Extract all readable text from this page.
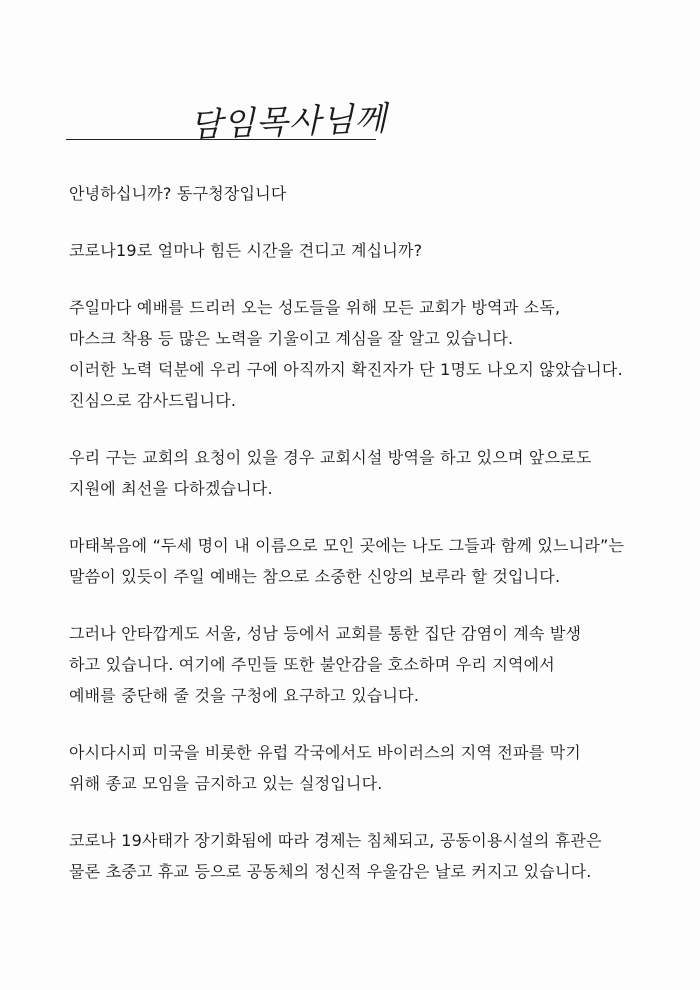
담임목사님께

안녕하십니까? 동구청장입니다

코로나19로 얼마나 힘든 시간을 견디고 계십니까?

주일마다 예배를 드리러 오는 성도들을 위해 모든 교회가 방역과 소독,
마스크 착용 등 많은 노력을 기울이고 계심을 잘 알고 있습니다.
이러한 노력 덕분에 우리 구에 아직까지 확진자가 단 1명도 나오지 않았습니다.
진심으로 감사드립니다.

우리 구는 교회의 요청이 있을 경우 교회시설 방역을 하고 있으며 앞으로도
지원에 최선을 다하겠습니다.

마태복음에 “두세 명이 내 이름으로 모인 곳에는 나도 그들과 함께 있느니라”는
말씀이 있듯이 주일 예배는 참으로 소중한 신앙의 보루라 할 것입니다.

그러나 안타깝게도 서울, 성남 등에서 교회를 통한 집단 감염이 계속 발생
하고 있습니다. 여기에 주민들 또한 불안감을 호소하며 우리 지역에서
예배를 중단해 줄 것을 구청에 요구하고 있습니다.

아시다시피 미국을 비롯한 유럽 각국에서도 바이러스의 지역 전파를 막기
위해 종교 모임을 금지하고 있는 실정입니다.

코로나 19사태가 장기화됨에 따라 경제는 침체되고, 공동이용시설의 휴관은
물론 초중고 휴교 등으로 공동체의 정신적 우울감은 날로 커지고 있습니다.
